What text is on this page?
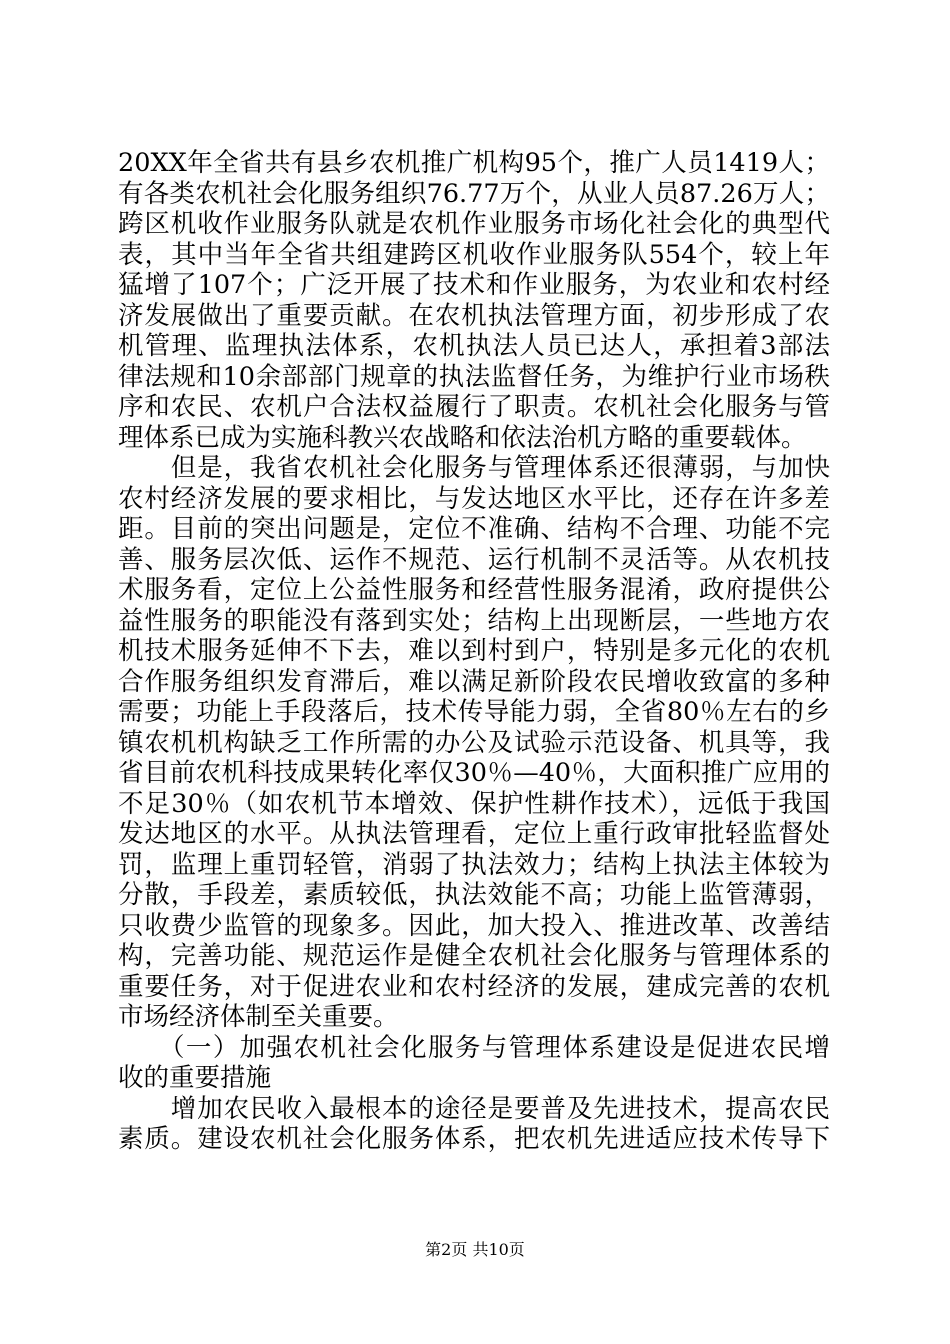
20XX年全省共有县乡农机推广机构95个，推广人员1419人；
有各类农机社会化服务组织76.77万个，从业人员87.26万人；
跨区机收作业服务队就是农机作业服务市场化社会化的典型代
表，其中当年全省共组建跨区机收作业服务队554个，较上年
猛增了107个；广泛开展了技术和作业服务，为农业和农村经
济发展做出了重要贡献。在农机执法管理方面，初步形成了农
机管理、监理执法体系，农机执法人员已达人，承担着3部法
律法规和10余部部门规章的执法监督任务，为维护行业市场秩
序和农民、农机户合法权益履行了职责。农机社会化服务与管
理体系已成为实施科教兴农战略和依法治机方略的重要载体。
　　但是，我省农机社会化服务与管理体系还很薄弱，与加快
农村经济发展的要求相比，与发达地区水平比，还存在许多差
距。目前的突出问题是，定位不准确、结构不合理、功能不完
善、服务层次低、运作不规范、运行机制不灵活等。从农机技
术服务看，定位上公益性服务和经营性服务混淆，政府提供公
益性服务的职能没有落到实处；结构上出现断层，一些地方农
机技术服务延伸不下去，难以到村到户，特别是多元化的农机
合作服务组织发育滞后，难以满足新阶段农民增收致富的多种
需要；功能上手段落后，技术传导能力弱，全省80％左右的乡
镇农机机构缺乏工作所需的办公及试验示范设备、机具等，我
省目前农机科技成果转化率仅30％—40％，大面积推广应用的
不足30％（如农机节本增效、保护性耕作技术），远低于我国
发达地区的水平。从执法管理看，定位上重行政审批轻监督处
罚，监理上重罚轻管，消弱了执法效力；结构上执法主体较为
分散，手段差，素质较低，执法效能不高；功能上监管薄弱，
只收费少监管的现象多。因此，加大投入、推进改革、改善结
构，完善功能、规范运作是健全农机社会化服务与管理体系的
重要任务，对于促进农业和农村经济的发展，建成完善的农机
市场经济体制至关重要。
　　（一）加强农机社会化服务与管理体系建设是促进农民增
收的重要措施
　　增加农民收入最根本的途径是要普及先进技术，提高农民
素质。建设农机社会化服务体系，把农机先进适应技术传导下
第2页 共10页
